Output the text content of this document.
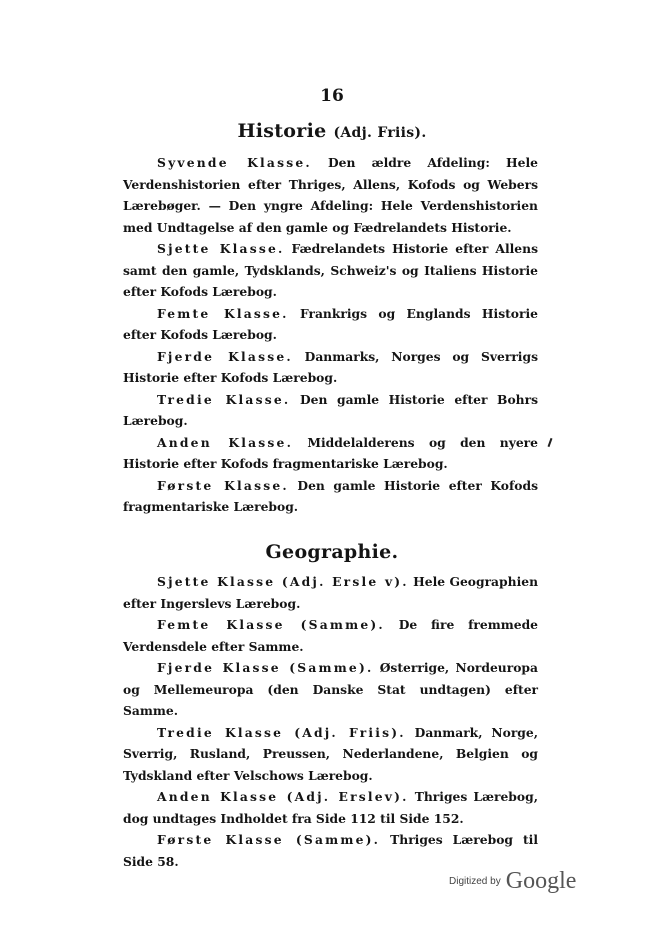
16
Historie (Adj. Friis).

Syvende Klasse. Den ældre Afdeling: Hele Verdenshistorien efter Thriges, Allens, Kofods og Webers Lærebøger. — Den yngre Afdeling: Hele Verdenshistorien med Undtagelse af den gamle og Fædrelandets Historie.

Sjette Klasse. Fædrelandets Historie efter Allens samt den gamle, Tydsklands, Schweiz's og Italiens Historie efter Kofods Lærebog.

Femte Klasse. Frankrigs og Englands Historie efter Kofods Lærebog.

Fjerde Klasse. Danmarks, Norges og Sverrigs Historie efter Kofods Lærebog.

Tredie Klasse. Den gamle Historie efter Bohrs Lærebog.

Anden Klasse. Middelalderens og den nyere Historie efter Kofods fragmentariske Lærebog.

Første Klasse. Den gamle Historie efter Kofods fragmentariske Lærebog.

Geographie.

Sjette Klasse (Adj. Ersle v). Hele Geographien efter Ingerslevs Lærebog.

Femte Klasse (Samme). De fire fremmede Verdensdele efter Samme.

Fjerde Klasse (Samme). Østerrige, Nordeuropa og Mellemeuropa (den Danske Stat undtagen) efter Samme.

Tredie Klasse (Adj. Friis). Danmark, Norge, Sverrig, Rusland, Preussen, Nederlandene, Belgien og Tydskland efter Velschows Lærebog.

Anden Klasse (Adj. Erslev). Thriges Lærebog, dog undtages Indholdet fra Side 112 til Side 152.

Første Klasse (Samme). Thriges Lærebog til Side 58.

Digitized by Google
